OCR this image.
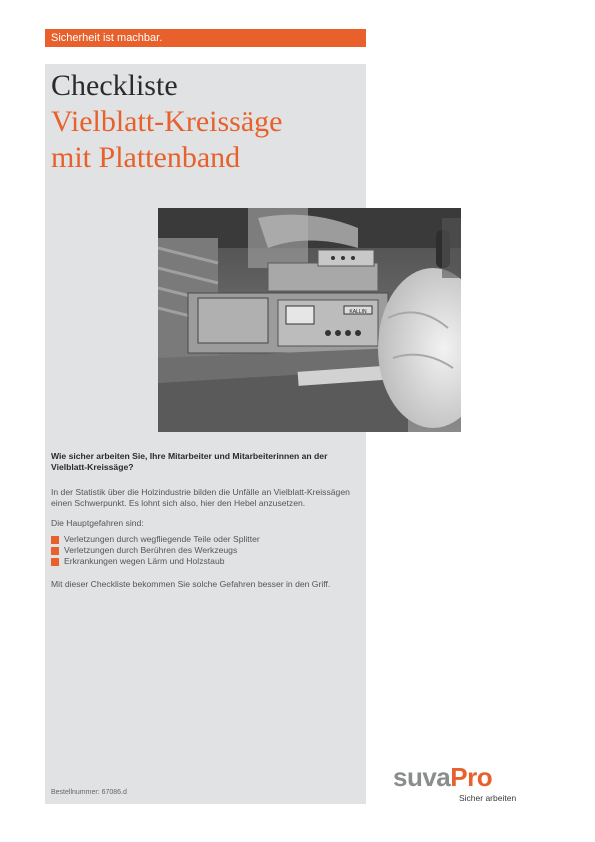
Sicherheit ist machbar.
Checkliste
Vielblatt-Kreissäge
mit Plattenband
KALLIN

Wie sicher arbeiten Sie, Ihre Mitarbeiter und Mitarbeiterinnen an der Vielblatt-Kreissäge?

In der Statistik über die Holzindustrie bilden die Unfälle an Vielblatt-Kreissägen einen Schwerpunkt. Es lohnt sich also, hier den Hebel anzusetzen.

Die Hauptgefahren sind:

Verletzungen durch wegfliegende Teile oder Splitter
Verletzungen durch Berühren des Werkzeugs
Erkrankungen wegen Lärm und Holzstaub

Mit dieser Checkliste bekommen Sie solche Gefahren besser in den Griff.

Bestellnummer: 67086.d
suvaPro
Sicher arbeiten
